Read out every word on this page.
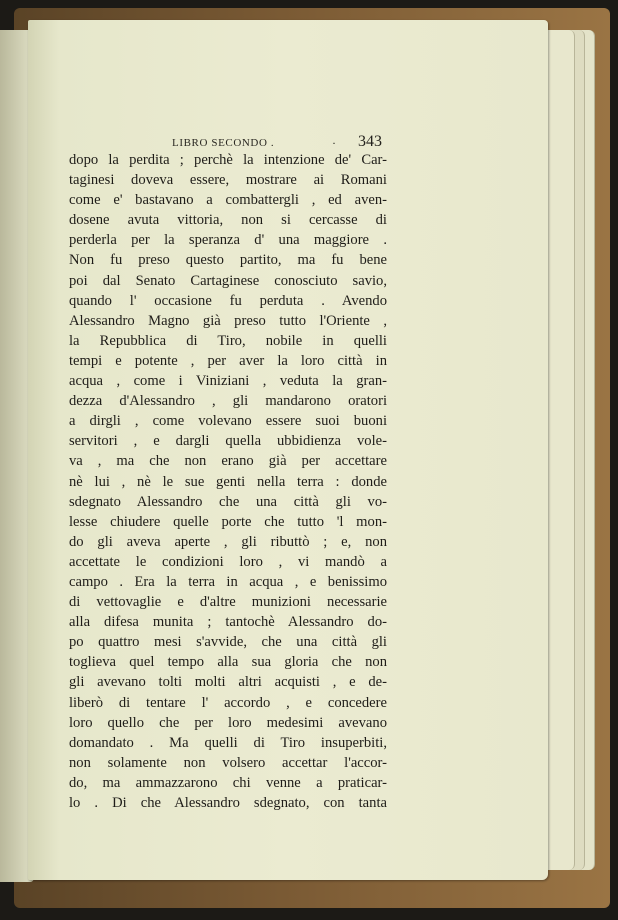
LIBRO SECONDO .	· 343
dopo la perdita ; perchè la intenzione de' Car-
taginesi doveva essere, mostrare ai Romani
come e' bastavano a combattergli , ed aven-
dosene avuta vittoria, non si cercasse di
perderla per la speranza d' una maggiore .
Non fu preso questo partito, ma fu bene
poi dal Senato Cartaginese conosciuto savio,
quando l' occasione fu perduta . Avendo
Alessandro Magno già preso tutto l'Oriente ,
la Repubblica di Tiro, nobile in quelli
tempi e potente , per aver la loro città in
acqua , come i Viniziani , veduta la gran-
dezza d'Alessandro , gli mandarono oratori
a dirgli , come volevano essere suoi buoni
servitori , e dargli quella ubbidienza vole-
va , ma che non erano già per accettare
nè lui , nè le sue genti nella terra : donde
sdegnato Alessandro che una città gli vo-
lesse chiudere quelle porte che tutto 'l mon-
do gli aveva aperte , gli ributtò ; e, non
accettate le condizioni loro , vi mandò a
campo . Era la terra in acqua , e benissimo
di vettovaglie e d'altre munizioni necessarie
alla difesa munita ; tantochè Alessandro do-
po quattro mesi s'avvide, che una città gli
toglieva quel tempo alla sua gloria che non
gli avevano tolti molti altri acquisti , e de-
liberò di tentare l' accordo , e concedere
loro quello che per loro medesimi avevano
domandato . Ma quelli di Tiro insuperbiti,
non solamente non volsero accettar l'accor-
do, ma ammazzarono chi venne a praticar-
lo . Di che Alessandro sdegnato, con tanta
